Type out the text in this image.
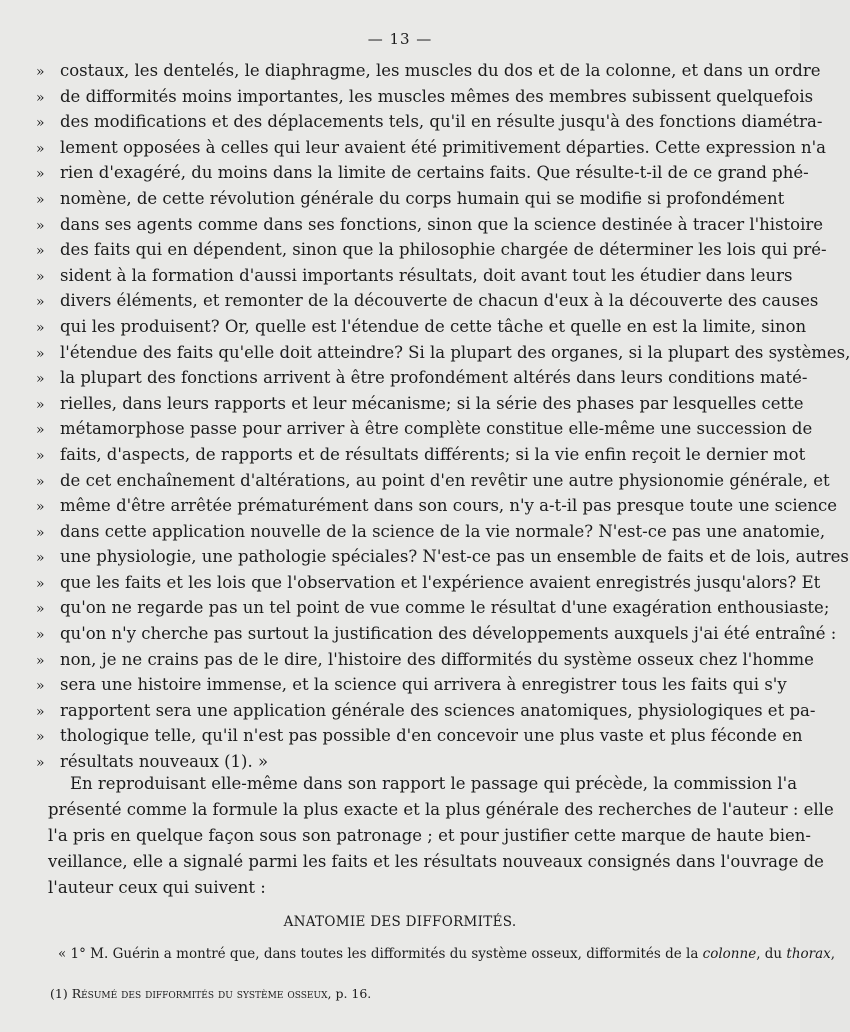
— 13 —
» costaux, les dentelés, le diaphragme, les muscles du dos et de la colonne, et dans un ordre
» de difformités moins importantes, les muscles mêmes des membres subissent quelquefois
» des modifications et des déplacements tels, qu'il en résulte jusqu'à des fonctions diamétra-
» lement opposées à celles qui leur avaient été primitivement départies. Cette expression n'a
» rien d'exagéré, du moins dans la limite de certains faits. Que résulte-t-il de ce grand phé-
» nomène, de cette révolution générale du corps humain qui se modifie si profondément
» dans ses agents comme dans ses fonctions, sinon que la science destinée à tracer l'histoire
» des faits qui en dépendent, sinon que la philosophie chargée de déterminer les lois qui pré-
» sident à la formation d'aussi importants résultats, doit avant tout les étudier dans leurs
» divers éléments, et remonter de la découverte de chacun d'eux à la découverte des causes
» qui les produisent? Or, quelle est l'étendue de cette tâche et quelle en est la limite, sinon
» l'étendue des faits qu'elle doit atteindre? Si la plupart des organes, si la plupart des systèmes,
» la plupart des fonctions arrivent à être profondément altérés dans leurs conditions maté-
» rielles, dans leurs rapports et leur mécanisme; si la série des phases par lesquelles cette
» métamorphose passe pour arriver à être complète constitue elle-même une succession de
» faits, d'aspects, de rapports et de résultats différents; si la vie enfin reçoit le dernier mot
» de cet enchaînement d'altérations, au point d'en revêtir une autre physionomie générale, et
» même d'être arrêtée prématurément dans son cours, n'y a-t-il pas presque toute une science
» dans cette application nouvelle de la science de la vie normale? N'est-ce pas une anatomie,
» une physiologie, une pathologie spéciales? N'est-ce pas un ensemble de faits et de lois, autres
» que les faits et les lois que l'observation et l'expérience avaient enregistrés jusqu'alors? Et
» qu'on ne regarde pas un tel point de vue comme le résultat d'une exagération enthousiaste;
» qu'on n'y cherche pas surtout la justification des développements auxquels j'ai été entraîné :
» non, je ne crains pas de le dire, l'histoire des difformités du système osseux chez l'homme
» sera une histoire immense, et la science qui arrivera à enregistrer tous les faits qui s'y
» rapportent sera une application générale des sciences anatomiques, physiologiques et pa-
» thologique telle, qu'il n'est pas possible d'en concevoir une plus vaste et plus féconde en
» résultats nouveaux (1). »
En reproduisant elle-même dans son rapport le passage qui précède, la commission l'a
présenté comme la formule la plus exacte et la plus générale des recherches de l'auteur : elle
l'a pris en quelque façon sous son patronage ; et pour justifier cette marque de haute bien-
veillance, elle a signalé parmi les faits et les résultats nouveaux consignés dans l'ouvrage de
l'auteur ceux qui suivent :
ANATOMIE DES DIFFORMITÉS.
« 1° M. Guérin a montré que, dans toutes les difformités du système osseux, difformités de la colonne, du thorax,
(1) Résumé des difformités du système osseux, p. 16.
